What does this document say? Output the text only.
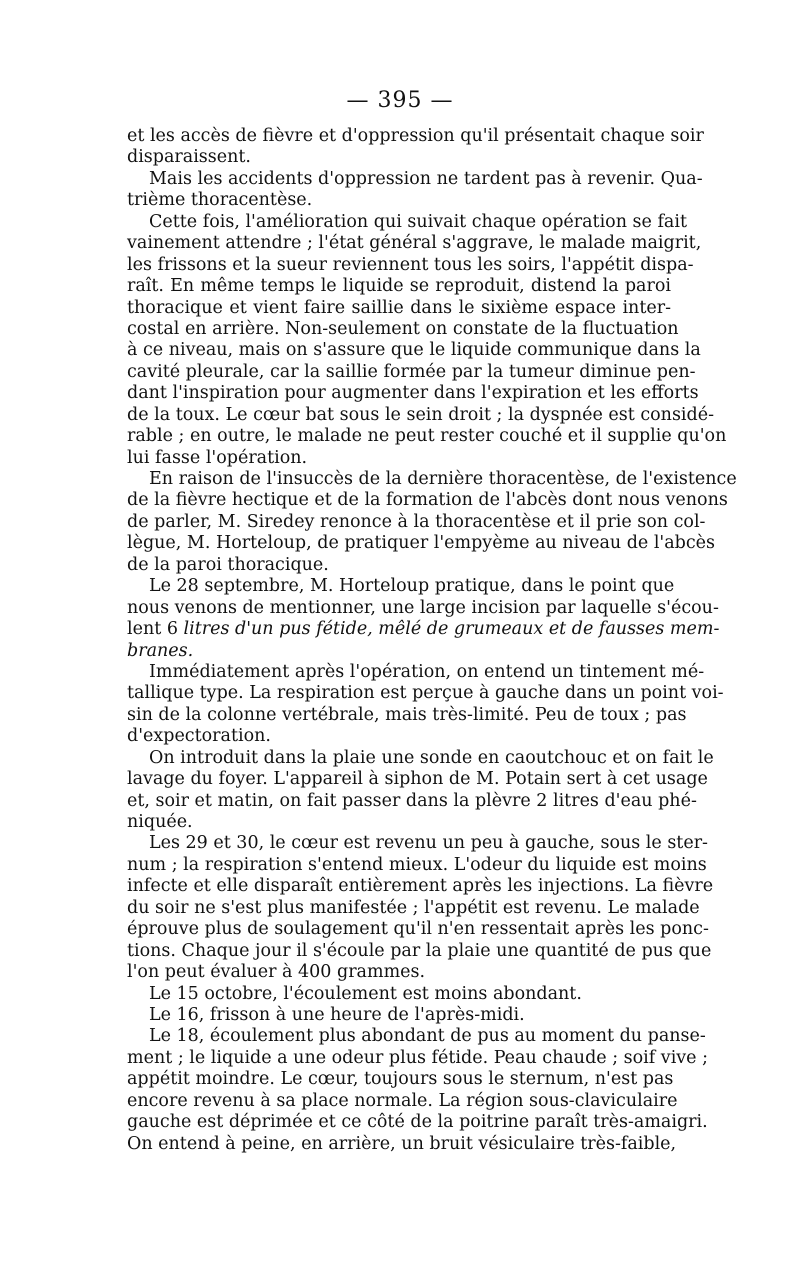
— 395 —
et les accès de fièvre et d'oppression qu'il présentait chaque soir
disparaissent.
Mais les accidents d'oppression ne tardent pas à revenir. Qua-
trième thoracentèse.
Cette fois, l'amélioration qui suivait chaque opération se fait
vainement attendre ; l'état général s'aggrave, le malade maigrit,
les frissons et la sueur reviennent tous les soirs, l'appétit dispa-
raît. En même temps le liquide se reproduit, distend la paroi
thoracique et vient faire saillie dans le sixième espace inter-
costal en arrière. Non-seulement on constate de la fluctuation
à ce niveau, mais on s'assure que le liquide communique dans la
cavité pleurale, car la saillie formée par la tumeur diminue pen-
dant l'inspiration pour augmenter dans l'expiration et les efforts
de la toux. Le cœur bat sous le sein droit ; la dyspnée est considé-
rable ; en outre, le malade ne peut rester couché et il supplie qu'on
lui fasse l'opération.
En raison de l'insuccès de la dernière thoracentèse, de l'existence
de la fièvre hectique et de la formation de l'abcès dont nous venons
de parler, M. Siredey renonce à la thoracentèse et il prie son col-
lègue, M. Horteloup, de pratiquer l'empyème au niveau de l'abcès
de la paroi thoracique.
Le 28 septembre, M. Horteloup pratique, dans le point que
nous venons de mentionner, une large incision par laquelle s'écou-
lent 6 litres d'un pus fétide, mêlé de grumeaux et de fausses mem-
branes.
Immédiatement après l'opération, on entend un tintement mé-
tallique type. La respiration est perçue à gauche dans un point voi-
sin de la colonne vertébrale, mais très-limité. Peu de toux ; pas
d'expectoration.
On introduit dans la plaie une sonde en caoutchouc et on fait le
lavage du foyer. L'appareil à siphon de M. Potain sert à cet usage
et, soir et matin, on fait passer dans la plèvre 2 litres d'eau phé-
niquée.
Les 29 et 30, le cœur est revenu un peu à gauche, sous le ster-
num ; la respiration s'entend mieux. L'odeur du liquide est moins
infecte et elle disparaît entièrement après les injections. La fièvre
du soir ne s'est plus manifestée ; l'appétit est revenu. Le malade
éprouve plus de soulagement qu'il n'en ressentait après les ponc-
tions. Chaque jour il s'écoule par la plaie une quantité de pus que
l'on peut évaluer à 400 grammes.
Le 15 octobre, l'écoulement est moins abondant.
Le 16, frisson à une heure de l'après-midi.
Le 18, écoulement plus abondant de pus au moment du panse-
ment ; le liquide a une odeur plus fétide. Peau chaude ; soif vive ;
appétit moindre. Le cœur, toujours sous le sternum, n'est pas
encore revenu à sa place normale. La région sous-claviculaire
gauche est déprimée et ce côté de la poitrine paraît très-amaigri.
On entend à peine, en arrière, un bruit vésiculaire très-faible,
